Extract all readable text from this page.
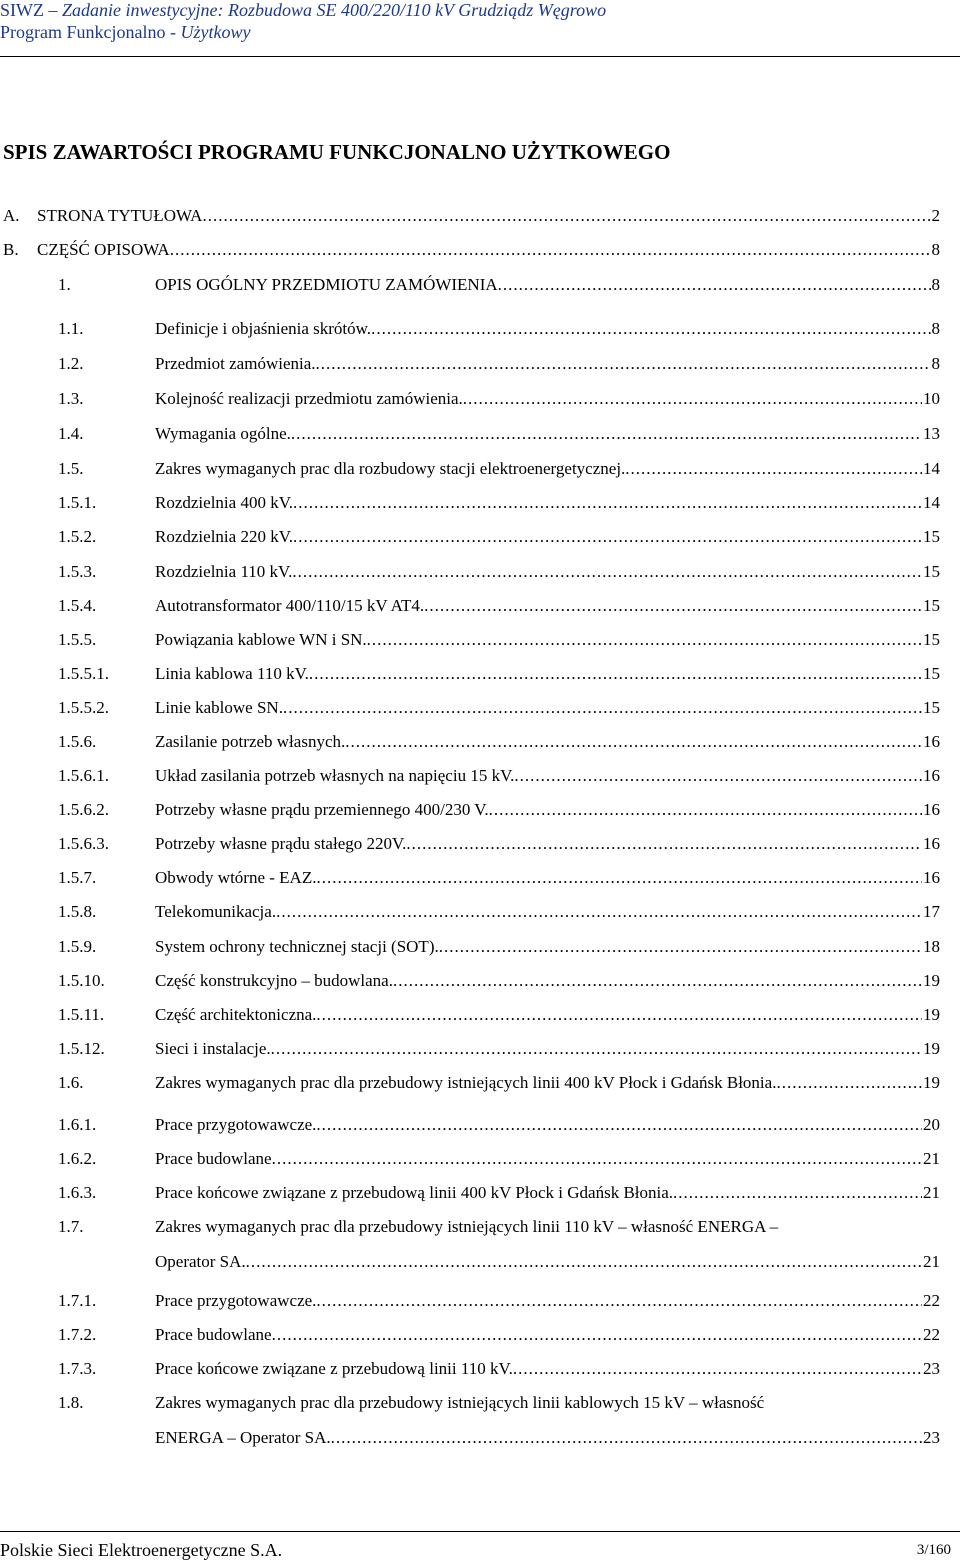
SIWZ – Zadanie inwestycyjne: Rozbudowa SE 400/220/110 kV Grudziądz Węgrowo
Program Funkcjonalno - Użytkowy
SPIS ZAWARTOŚCI PROGRAMU FUNKCJONALNO UŻYTKOWEGO
A. STRONA TYTUŁOWA .....	2
B. CZĘŚĆ OPISOWA .....	8
1.	OPIS OGÓLNY PRZEDMIOTU ZAMÓWIENIA .....	8
1.1.	Definicje i objaśnienia skrótów. .....	8
1.2.	Przedmiot zamówienia. .....	8
1.3.	Kolejność realizacji przedmiotu zamówienia. .....	10
1.4.	Wymagania ogólne. .....	13
1.5.	Zakres wymaganych prac dla rozbudowy stacji elektroenergetycznej. .....	14
1.5.1.	Rozdzielnia 400 kV. .....	14
1.5.2.	Rozdzielnia 220 kV. .....	15
1.5.3.	Rozdzielnia 110 kV. .....	15
1.5.4.	Autotransformator 400/110/15 kV AT4. .....	15
1.5.5.	Powiązania kablowe WN i SN. .....	15
1.5.5.1.	Linia kablowa 110 kV. .....	15
1.5.5.2.	Linie kablowe SN. .....	15
1.5.6.	Zasilanie potrzeb własnych. .....	16
1.5.6.1.	Układ zasilania potrzeb własnych na napięciu 15 kV. .....	16
1.5.6.2.	Potrzeby własne prądu przemiennego 400/230 V. .....	16
1.5.6.3.	Potrzeby własne prądu stałego 220V. .....	16
1.5.7.	Obwody wtórne - EAZ. .....	16
1.5.8.	Telekomunikacja. .....	17
1.5.9.	System ochrony technicznej stacji (SOT). .....	18
1.5.10.	Część konstrukcyjno – budowlana. .....	19
1.5.11.	Część architektoniczna. .....	19
1.5.12.	Sieci i instalacje. .....	19
1.6.	Zakres wymaganych prac dla przebudowy istniejących linii 400 kV Płock i Gdańsk Błonia. .....	19
1.6.1.	Prace przygotowawcze. .....	20
1.6.2.	Prace budowlane .....	21
1.6.3.	Prace końcowe związane z przebudową linii 400 kV Płock i Gdańsk Błonia. .....	21
1.7.	Zakres wymaganych prac dla przebudowy istniejących linii 110 kV – własność ENERGA –
Operator SA. .....	21
1.7.1.	Prace przygotowawcze. .....	22
1.7.2.	Prace budowlane .....	22
1.7.3.	Prace końcowe związane z przebudową linii 110 kV. .....	23
1.8.	Zakres wymaganych prac dla przebudowy istniejących linii kablowych 15 kV – własność
ENERGA – Operator SA. .....	23
Polskie Sieci Elektroenergetyczne S.A.	3/160
